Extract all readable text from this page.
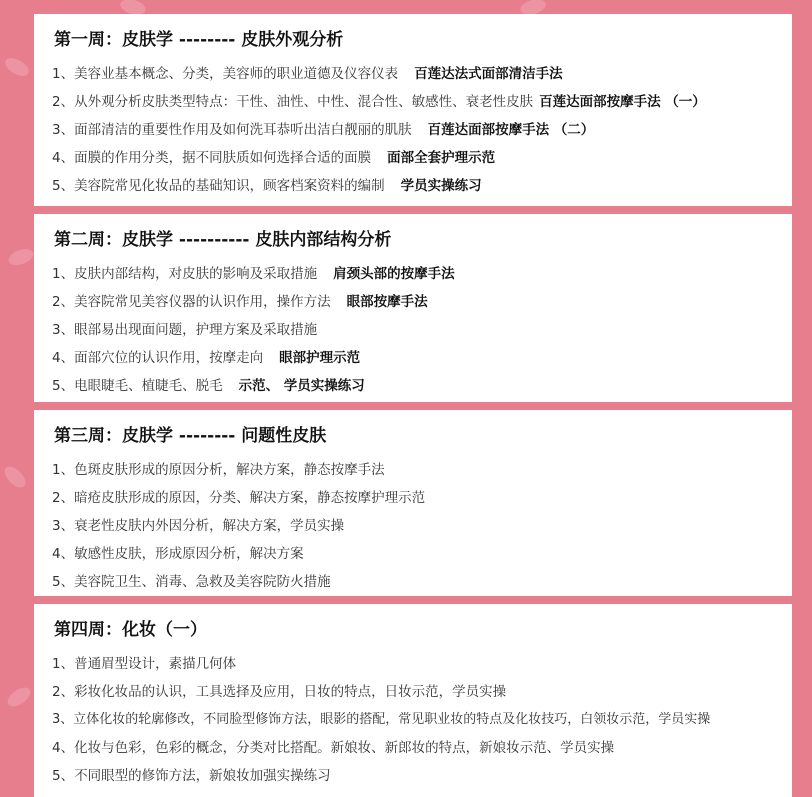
第一周：皮肤学 -------- 皮肤外观分析
1、美容业基本概念、分类，美容师的职业道德及仪容仪表 百莲达法式面部清洁手法
2、从外观分析皮肤类型特点：干性、油性、中性、混合性、敏感性、衰老性皮肤 百莲达面部按摩手法 （一）
3、面部清洁的重要性作用及如何洗耳恭听出洁白靓丽的肌肤 百莲达面部按摩手法 （二）
4、面膜的作用分类，据不同肤质如何选择合适的面膜 面部全套护理示范
5、美容院常见化妆品的基础知识，顾客档案资料的编制 学员实操练习
第二周：皮肤学 ---------- 皮肤内部结构分析
1、皮肤内部结构，对皮肤的影响及采取措施 肩颈头部的按摩手法
2、美容院常见美容仪器的认识作用，操作方法 眼部按摩手法
3、眼部易出现面问题，护理方案及采取措施
4、面部穴位的认识作用，按摩走向 眼部护理示范
5、电眼睫毛、植睫毛、脱毛 示范、 学员实操练习
第三周：皮肤学 -------- 问题性皮肤
1、色斑皮肤形成的原因分析，解决方案，静态按摩手法
2、暗疮皮肤形成的原因，分类、解决方案，静态按摩护理示范
3、衰老性皮肤内外因分析，解决方案，学员实操
4、敏感性皮肤，形成原因分析，解决方案
5、美容院卫生、消毒、急救及美容院防火措施
第四周：化妆（一）
1、普通眉型设计，素描几何体
2、彩妆化妆品的认识，工具选择及应用，日妆的特点，日妆示范，学员实操
3、立体化妆的轮廓修改，不同脸型修饰方法，眼影的搭配，常见职业妆的特点及化妆技巧，白领妆示范，学员实操
4、化妆与色彩，色彩的概念，分类对比搭配。新娘妆、新郎妆的特点，新娘妆示范、学员实操
5、不同眼型的修饰方法，新娘妆加强实操练习
